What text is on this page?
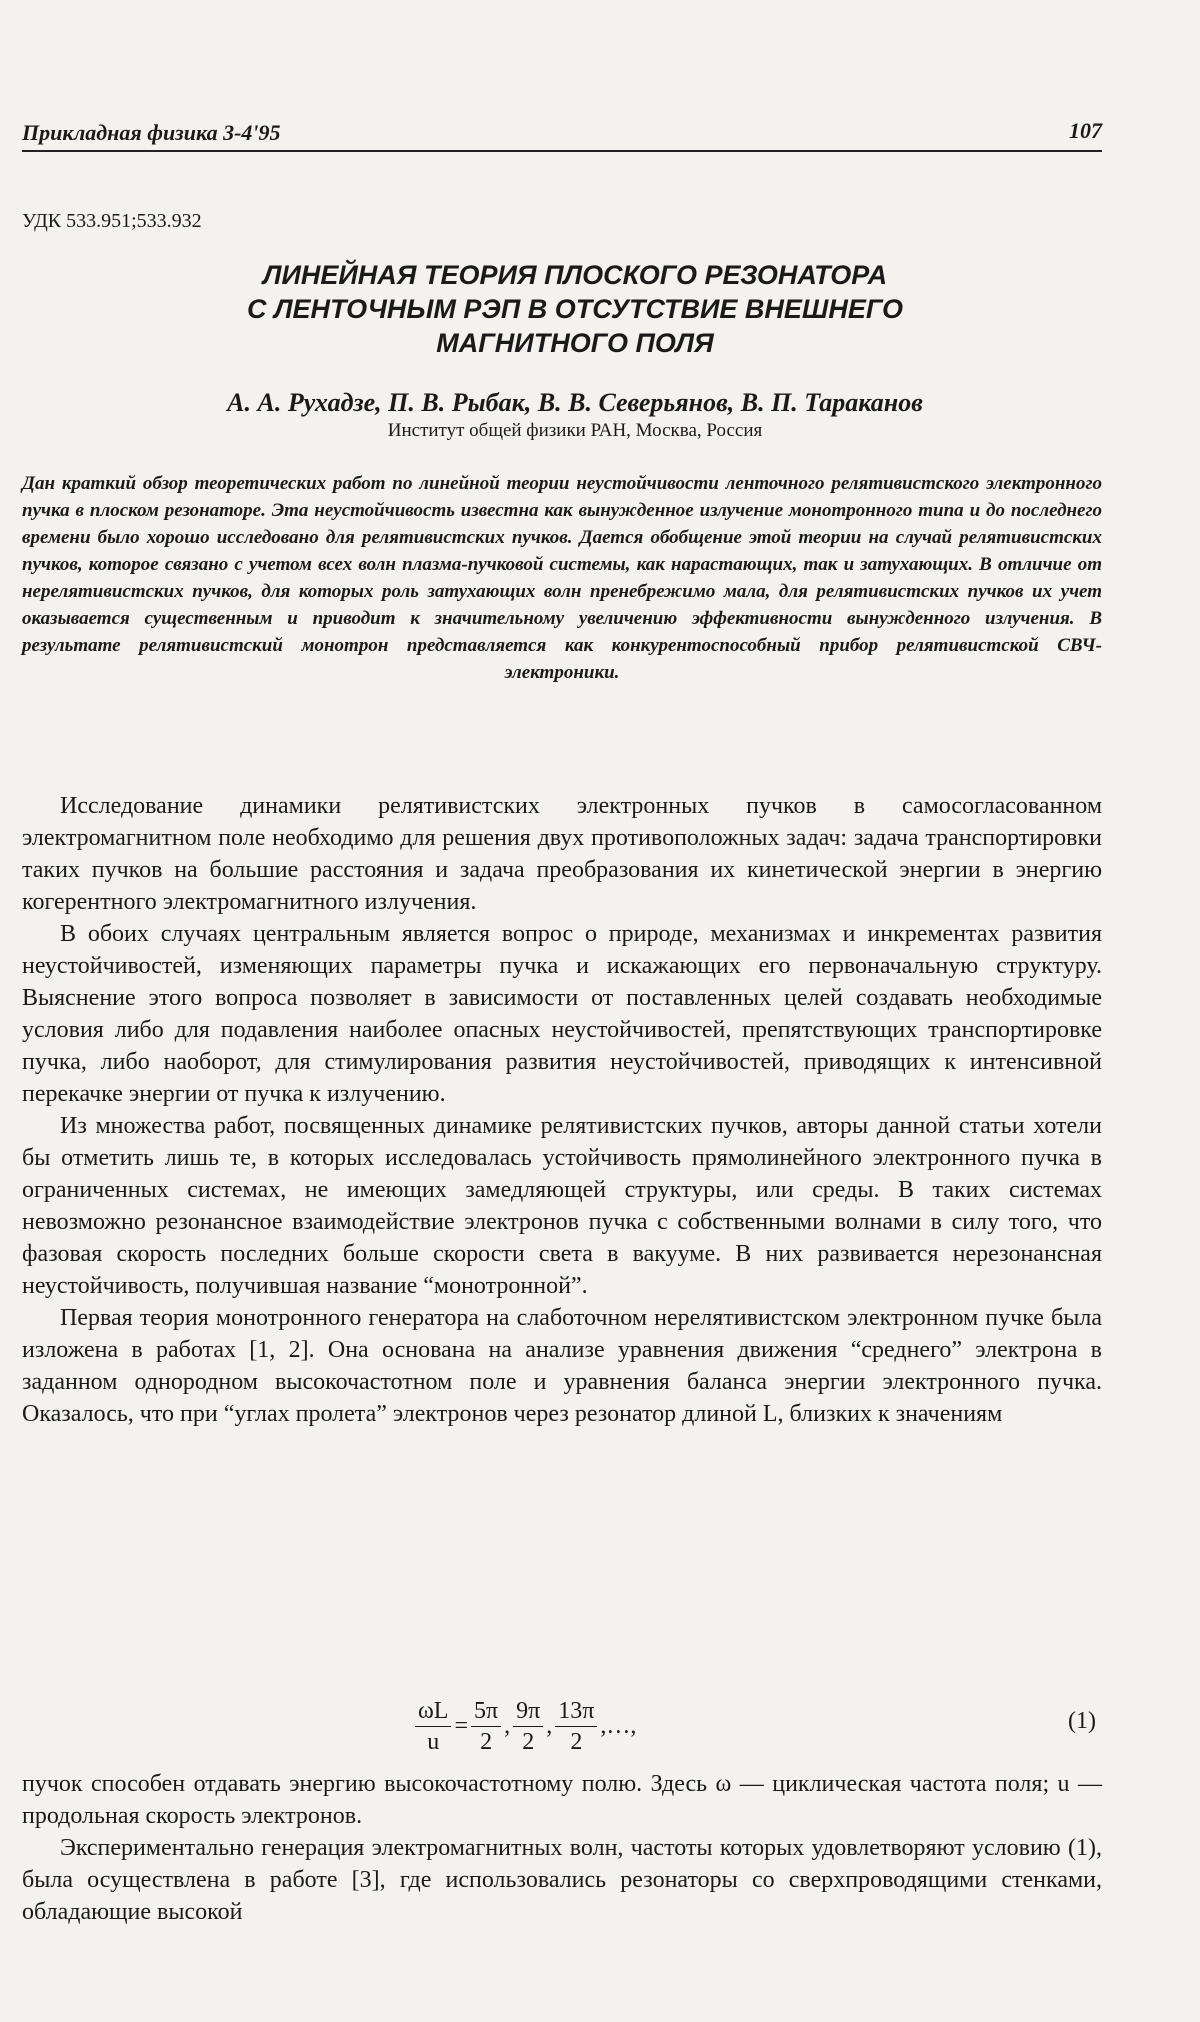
Прикладная физика 3-4'95	107
УДК 533.951;533.932
ЛИНЕЙНАЯ ТЕОРИЯ ПЛОСКОГО РЕЗОНАТОРА
С ЛЕНТОЧНЫМ РЭП В ОТСУТСТВИЕ ВНЕШНЕГО
МАГНИТНОГО ПОЛЯ
А. А. Рухадзе, П. В. Рыбак, В. В. Северьянов, В. П. Тараканов
Институт общей физики РАН, Москва, Россия
Дан краткий обзор теоретических работ по линейной теории неустойчивости ленточного релятивистского электронного пучка в плоском резонаторе. Эта неустойчивость известна как вынужденное излучение монотронного типа и до последнего времени было хорошо исследовано для релятивистских пучков. Дается обобщение этой теории на случай релятивистских пучков, которое связано с учетом всех волн плазма-пучковой системы, как нарастающих, так и затухающих. В отличие от нерелятивистских пучков, для которых роль затухающих волн пренебрежимо мала, для релятивистских пучков их учет оказывается существенным и приводит к значительному увеличению эффективности вынужденного излучения. В результате релятивистский монотрон представляется как конкурентоспособный прибор релятивистской СВЧ-электроники.

Исследование динамики релятивистских электронных пучков в самосогласованном электромагнитном поле необходимо для решения двух противоположных задач: задача транспортировки таких пучков на большие расстояния и задача преобразования их кинетической энергии в энергию когерентного электромагнитного излучения.

В обоих случаях центральным является вопрос о природе, механизмах и инкрементах развития неустойчивостей, изменяющих параметры пучка и искажающих его первоначальную структуру. Выяснение этого вопроса позволяет в зависимости от поставленных целей создавать необходимые условия либо для подавления наиболее опасных неустойчивостей, препятствующих транспортировке пучка, либо наоборот, для стимулирования развития неустойчивостей, приводящих к интенсивной перекачке энергии от пучка к излучению.

Из множества работ, посвященных динамике релятивистских пучков, авторы данной статьи хотели бы отметить лишь те, в которых исследовалась устойчивость прямолинейного электронного пучка в ограниченных системах, не имеющих замедляющей структуры, или среды. В таких системах невозможно резонансное взаимодействие электронов пучка с собственными волнами в силу того, что фазовая скорость последних больше скорости света в вакууме. В них развивается нерезонансная неустойчивость, получившая название “монотронной”.

Первая теория монотронного генератора на слаботочном нерелятивистском электронном пучке была изложена в работах [1, 2]. Она основана на анализе уравнения движения “среднего” электрона в заданном однородном высокочастотном поле и уравнения баланса энергии электронного пучка. Оказалось, что при “углах пролета” электронов через резонатор длиной L, близких к значениям

$\frac{\omega L}{u} = \frac{5\pi}{2}$ , $\frac{9\pi}{2}$ , $\frac{13\pi}{2}$ ,…,	(1)

пучок способен отдавать энергию высокочастотному полю. Здесь ω — циклическая частота поля; u — продольная скорость электронов.

Экспериментально генерация электромагнитных волн, частоты которых удовлетворяют условию (1), была осуществлена в работе [3], где использовались резонаторы со сверхпроводящими стенками, обладающие высокой
